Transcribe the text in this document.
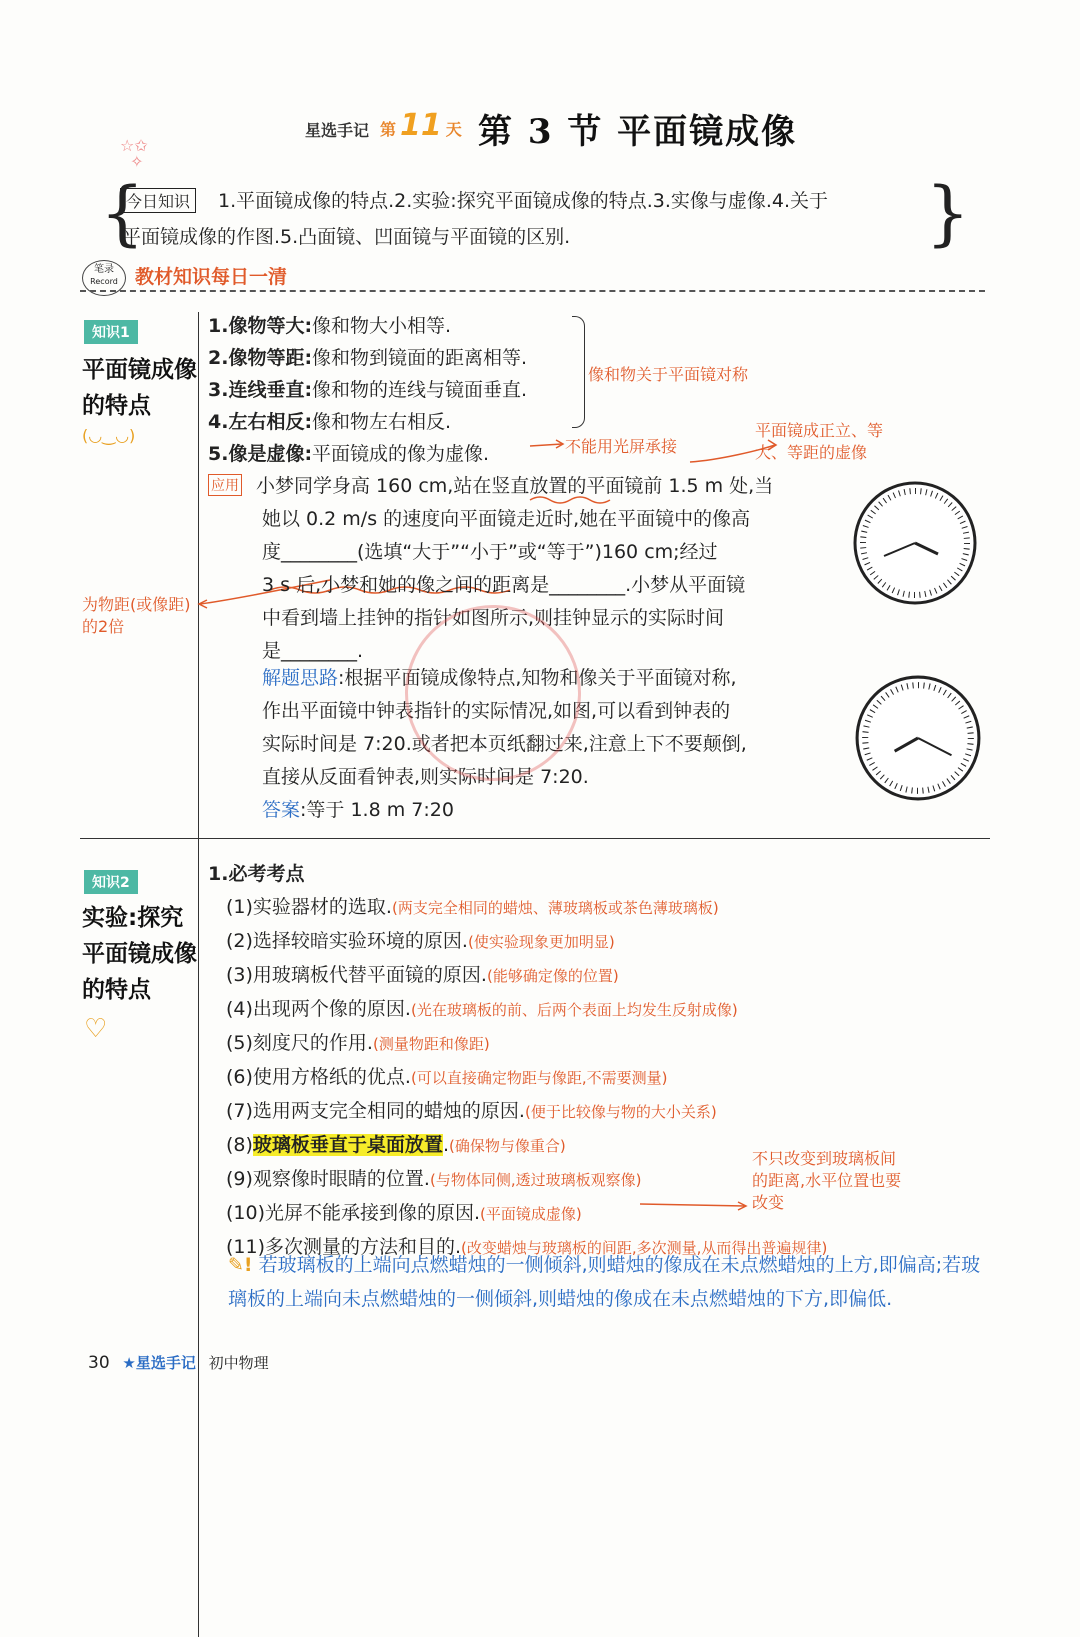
星选手记 第 11 天 第 3 节 平面镜成像
☆✩
✧
{	}
今日知识	1.平面镜成像的特点.2.实验:探究平面镜成像的特点.3.实像与虚像.4.关于
平面镜成像的作图.5.凸面镜、凹面镜与平面镜的区别.
笔录
Record 教材知识每日一清
知识1
平面镜成像的特点
(◡‿◡)
1.像物等大:像和物大小相等.
2.像物等距:像和物到镜面的距离相等.
3.连线垂直:像和物的连线与镜面垂直.
4.左右相反:像和物左右相反.
5.像是虚像:平面镜成的像为虚像.
像和物关于平面镜对称
不能用光屏承接
平面镜成正立、等大、等距的虚像
为物距(或像距)的2倍
应用 小梦同学身高 160 cm,站在竖直放置的平面镜前 1.5 m 处,当
她以 0.2 m/s 的速度向平面镜走近时,她在平面镜中的像高
度________(选填“大于”“小于”或“等于”)160 cm;经过
3 s 后,小梦和她的像之间的距离是________.小梦从平面镜
中看到墙上挂钟的指针如图所示,则挂钟显示的实际时间
是________.
解题思路:根据平面镜成像特点,知物和像关于平面镜对称,
作出平面镜中钟表指针的实际情况,如图,可以看到钟表的
实际时间是 7:20.或者把本页纸翻过来,注意上下不要颠倒,
直接从反面看钟表,则实际时间是 7:20.
答案:等于 1.8 m 7:20
知识2
实验:探究平面镜成像的特点
♡
1.必考考点
(1)实验器材的选取.(两支完全相同的蜡烛、薄玻璃板或茶色薄玻璃板)
(2)选择较暗实验环境的原因.(使实验现象更加明显)
(3)用玻璃板代替平面镜的原因.(能够确定像的位置)
(4)出现两个像的原因.(光在玻璃板的前、后两个表面上均发生反射成像)
(5)刻度尺的作用.(测量物距和像距)
(6)使用方格纸的优点.(可以直接确定物距与像距,不需要测量)
(7)选用两支完全相同的蜡烛的原因.(便于比较像与物的大小关系)
(8)玻璃板垂直于桌面放置.(确保物与像重合)
(9)观察像时眼睛的位置.(与物体同侧,透过玻璃板观察像)
(10)光屏不能承接到像的原因.(平面镜成虚像)
(11)多次测量的方法和目的.(改变蜡烛与玻璃板的间距,多次测量,从而得出普遍规律)
不只改变到玻璃板间的距离,水平位置也要改变
✎! 若玻璃板的上端向点燃蜡烛的一侧倾斜,则蜡烛的像成在未点燃蜡烛的上方,即偏高;若玻璃板的上端向未点燃蜡烛的一侧倾斜,则蜡烛的像成在未点燃蜡烛的下方,即偏低.
30 ★星选手记 初中物理
